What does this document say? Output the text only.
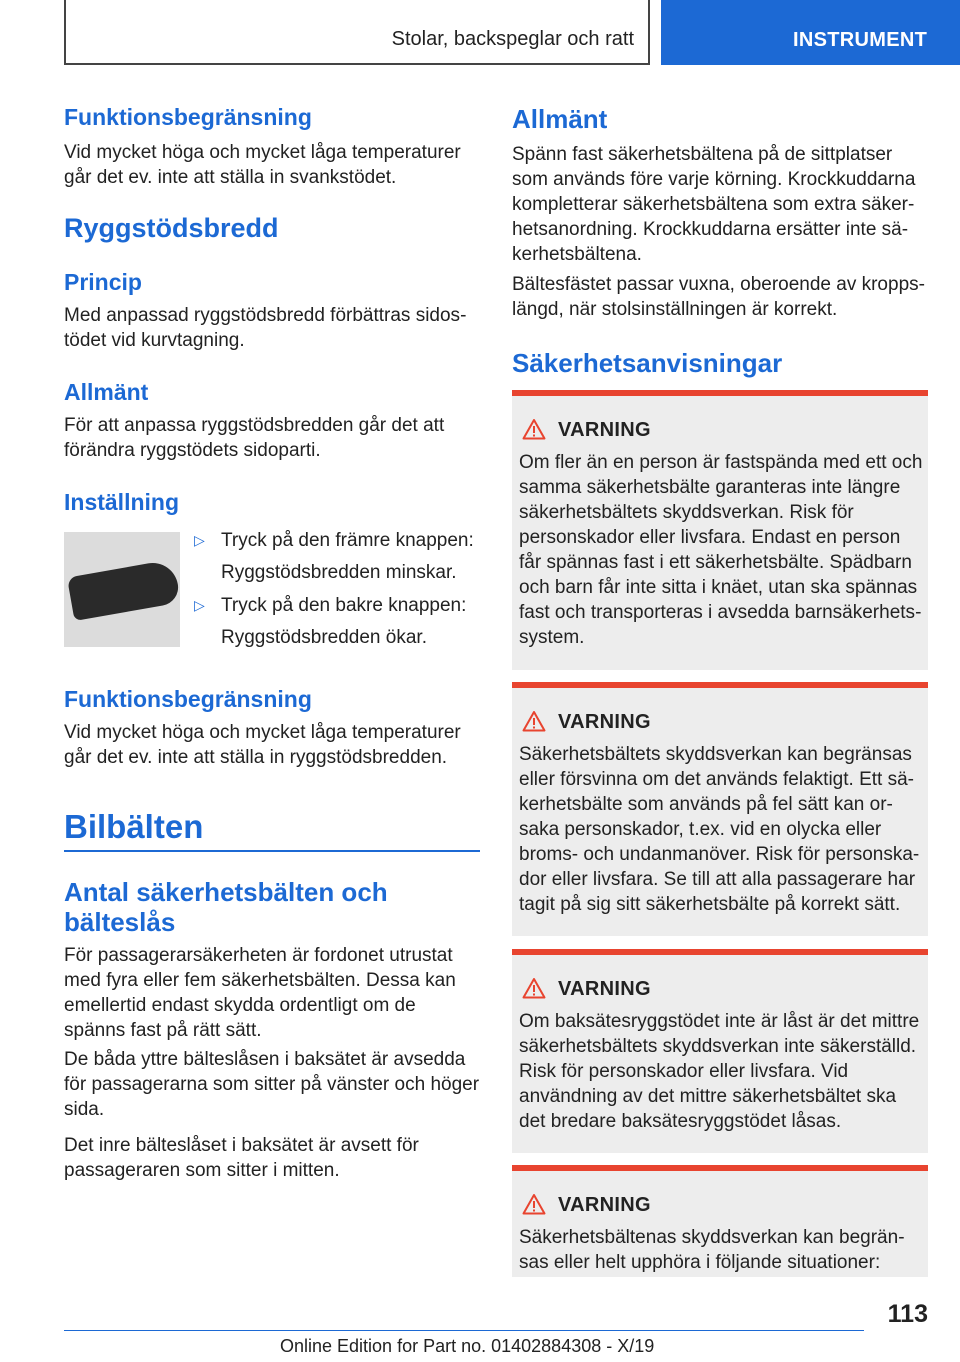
Stolar, backspeglar och ratt	INSTRUMENT
Funktionsbegränsning

Vid mycket höga och mycket låga temperaturer går det ev. inte att ställa in svankstödet.

Ryggstödsbredd
Princip

Med anpassad ryggstödsbredd förbättras sidostödet vid kurvtagning.

Allmänt

För att anpassa ryggstödsbredden går det att förändra ryggstödets sidoparti.

Inställning
▷ Tryck på den främre knappen:

Ryggstödsbredden minskar.

▷ Tryck på den bakre knappen:

Ryggstödsbredden ökar.

Funktionsbegränsning

Vid mycket höga och mycket låga temperaturer går det ev. inte att ställa in ryggstödsbredden.

Bilbälten
Antal säkerhetsbälten och bälteslås

För passagerarsäkerheten är fordonet utrustat med fyra eller fem säkerhetsbälten. Dessa kan emellertid endast skydda ordentligt om de spänns fast på rätt sätt.

De båda yttre bälteslåsen i baksätet är avsedda för passagerarna som sitter på vänster och höger sida.

Det inre bälteslåset i baksätet är avsett för passageraren som sitter i mitten.

Allmänt

Spänn fast säkerhetsbältena på de sittplatser som används före varje körning. Krockkuddarna kompletterar säkerhetsbältena som extra säkerhetsanordning. Krockkuddarna ersätter inte säkerhetsbältena.

Bältesfästet passar vuxna, oberoende av kroppslängd, när stolsinställningen är korrekt.

Säkerhetsanvisningar
VARNING
Om fler än en person är fastspända med ett och samma säkerhetsbälte garanteras inte längre säkerhetsbältets skyddsverkan. Risk för personskador eller livsfara. Endast en person får spännas fast i ett säkerhetsbälte. Spädbarn och barn får inte sitta i knäet, utan ska spännas fast och transporteras i avsedda barnsäkerhetssystem.
VARNING
Säkerhetsbältets skyddsverkan kan begränsas eller försvinna om det används felaktigt. Ett säkerhetsbälte som används på fel sätt kan orsaka personskador, t.ex. vid en olycka eller broms- och undanmanöver. Risk för personskador eller livsfara. Se till att alla passagerare har tagit på sig sitt säkerhetsbälte på korrekt sätt.
VARNING
Om baksätesryggstödet inte är låst är det mittre säkerhetsbältets skyddsverkan inte säkerställd. Risk för personskador eller livsfara. Vid användning av det mittre säkerhetsbältet ska det bredare baksätesryggstödet låsas.
VARNING
Säkerhetsbältenas skyddsverkan kan begränsas eller helt upphöra i följande situationer:
113
Online Edition for Part no. 01402884308 - X/19
